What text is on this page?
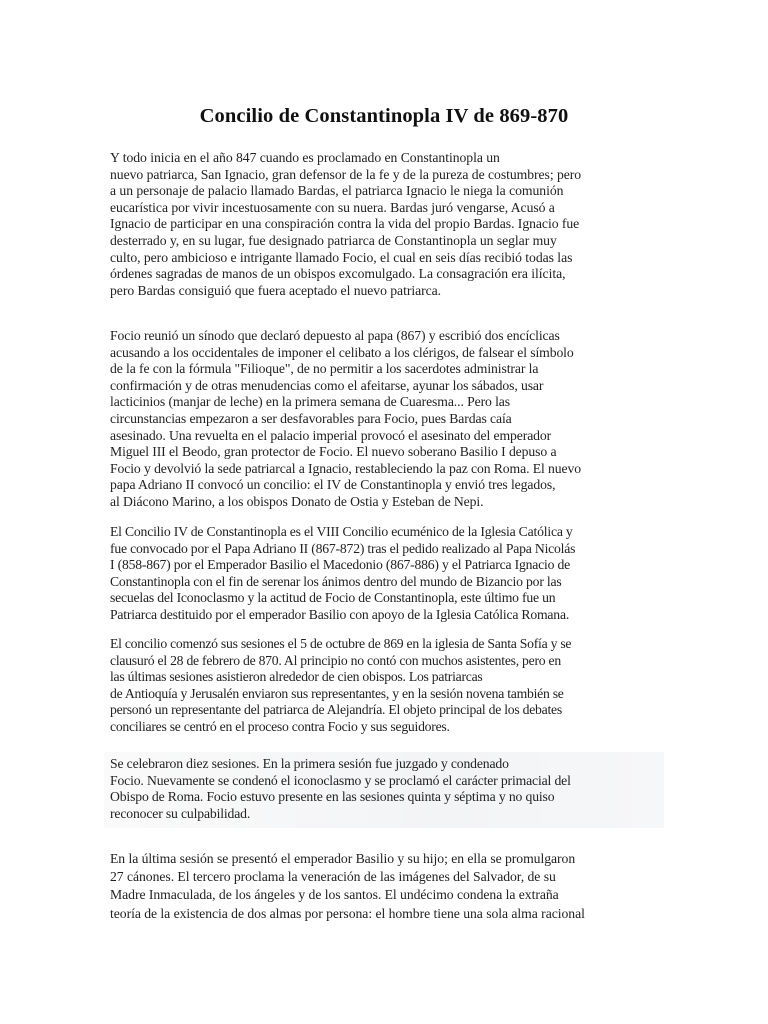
Concilio de Constantinopla IV de 869-870

Y todo inicia en el año 847 cuando es proclamado en Constantinopla un
nuevo patriarca, San Ignacio, gran defensor de la fe y de la pureza de costumbres; pero
a un personaje de palacio llamado Bardas, el patriarca Ignacio le niega la comunión
eucarística por vivir incestuosamente con su nuera. Bardas juró vengarse, Acusó a
Ignacio de participar en una conspiración contra la vida del propio Bardas. Ignacio fue
desterrado y, en su lugar, fue designado patriarca de Constantinopla un seglar muy
culto, pero ambicioso e intrigante llamado Focio, el cual en seis días recibió todas las
órdenes sagradas de manos de un obispos excomulgado. La consagración era ilícita,
pero Bardas consiguió que fuera aceptado el nuevo patriarca.

Focio reunió un sínodo que declaró depuesto al papa (867) y escribió dos encíclicas
acusando a los occidentales de imponer el celibato a los clérigos, de falsear el símbolo
de la fe con la fórmula "Filioque", de no permitir a los sacerdotes administrar la
confirmación y de otras menudencias como el afeitarse, ayunar los sábados, usar
lacticinios (manjar de leche) en la primera semana de Cuaresma... Pero las
circunstancias empezaron a ser desfavorables para Focio, pues Bardas caía
asesinado. Una revuelta en el palacio imperial provocó el asesinato del emperador
Miguel III el Beodo, gran protector de Focio. El nuevo soberano Basilio I depuso a
Focio y devolvió la sede patriarcal a Ignacio, restableciendo la paz con Roma. El nuevo
papa Adriano II convocó un concilio: el IV de Constantinopla y envió tres legados,
al Diácono Marino, a los obispos Donato de Ostia y Esteban de Nepi.

El Concilio IV de Constantinopla es el VIII Concilio ecuménico de la Iglesia Católica y
fue convocado por el Papa Adriano II (867-872) tras el pedido realizado al Papa Nicolás
I (858-867) por el Emperador Basilio el Macedonio (867-886) y el Patriarca Ignacio de
Constantinopla con el fin de serenar los ánimos dentro del mundo de Bizancio por las
secuelas del Iconoclasmo y la actitud de Focio de Constantinopla, este último fue un
Patriarca destituido por el emperador Basilio con apoyo de la Iglesia Católica Romana.

El concilio comenzó sus sesiones el 5 de octubre de 869 en la iglesia de Santa Sofía y se
clausuró el 28 de febrero de 870. Al principio no contó con muchos asistentes, pero en
las últimas sesiones asistieron alrededor de cien obispos. Los patriarcas
de Antioquía y Jerusalén enviaron sus representantes, y en la sesión novena también se
personó un representante del patriarca de Alejandría. El objeto principal de los debates
conciliares se centró en el proceso contra Focio y sus seguidores.

Se celebraron diez sesiones. En la primera sesión fue juzgado y condenado
Focio. Nuevamente se condenó el iconoclasmo y se proclamó el carácter primacial del
Obispo de Roma. Focio estuvo presente en las sesiones quinta y séptima y no quiso
reconocer su culpabilidad.

En la última sesión se presentó el emperador Basilio y su hijo; en ella se promulgaron
27 cánones. El tercero proclama la veneración de las imágenes del Salvador, de su
Madre Inmaculada, de los ángeles y de los santos. El undécimo condena la extraña
teoría de la existencia de dos almas por persona: el hombre tiene una sola alma racional
